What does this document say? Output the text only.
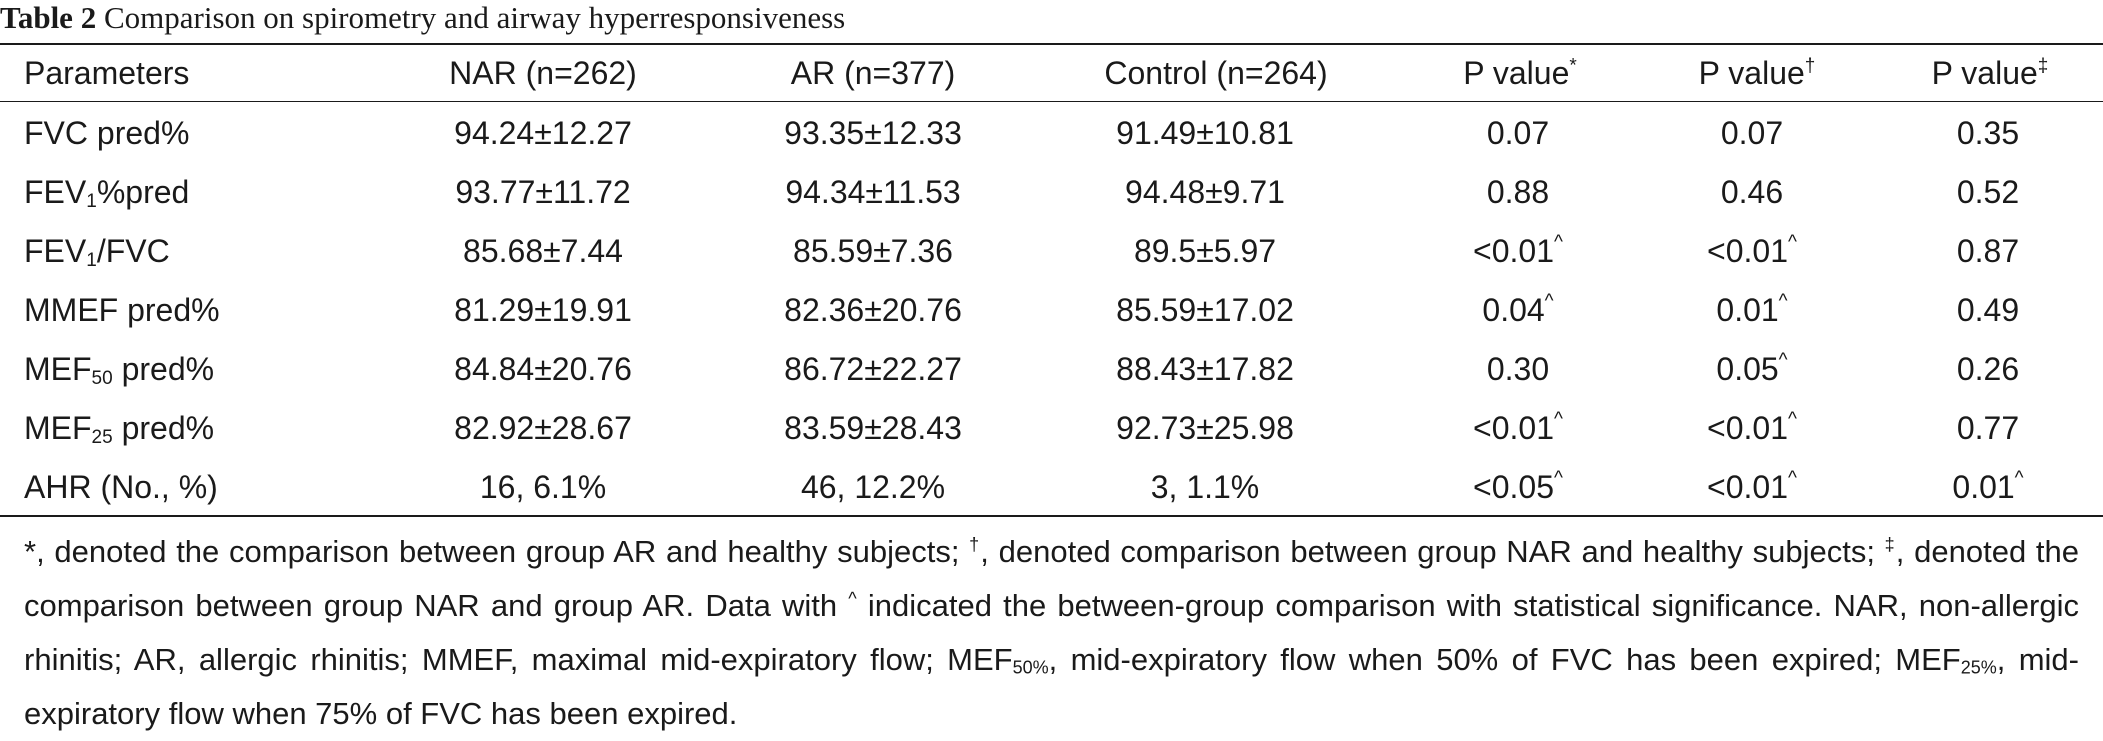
Table 2 Comparison on spirometry and airway hyperresponsiveness
Parameters	NAR (n=262)	AR (n=377)	Control (n=264)	P value*	P value†	P value‡
FVC pred%	94.24±12.27	93.35±12.33	91.49±10.81	0.07	0.07	0.35
$FEV_1\%pred$	93.77±11.72	94.34±11.53	94.48±9.71	0.88	0.46	0.52
$FEV_1$/FVC	85.68±7.44	85.59±7.36	89.5±5.97	<0.01^	<0.01^	0.87
MMEF pred%	81.29±19.91	82.36±20.76	85.59±17.02	0.04^	0.01^	0.49
$MEF_{50}$ pred%	84.84±20.76	86.72±22.27	88.43±17.82	0.30	0.05^	0.26
$MEF_{25}$ pred%	82.92±28.67	83.59±28.43	92.73±25.98	<0.01^	<0.01^	0.77
AHR (No., %)	16, 6.1%	46, 12.2%	3, 1.1%	<0.05^	<0.01^	0.01^
*, denoted the comparison between group AR and healthy subjects; †, denoted comparison between group NAR and healthy subjects; ‡, denoted the comparison between group NAR and group AR. Data with ^ indicated the between-group comparison with statistical significance. NAR, non-allergic rhinitis; AR, allergic rhinitis; MMEF, maximal mid-expiratory flow; $MEF_{50\%}$, mid-expiratory flow when 50% of FVC has been expired; $MEF_{25\%}$, mid-expiratory flow when 75% of FVC has been expired.
